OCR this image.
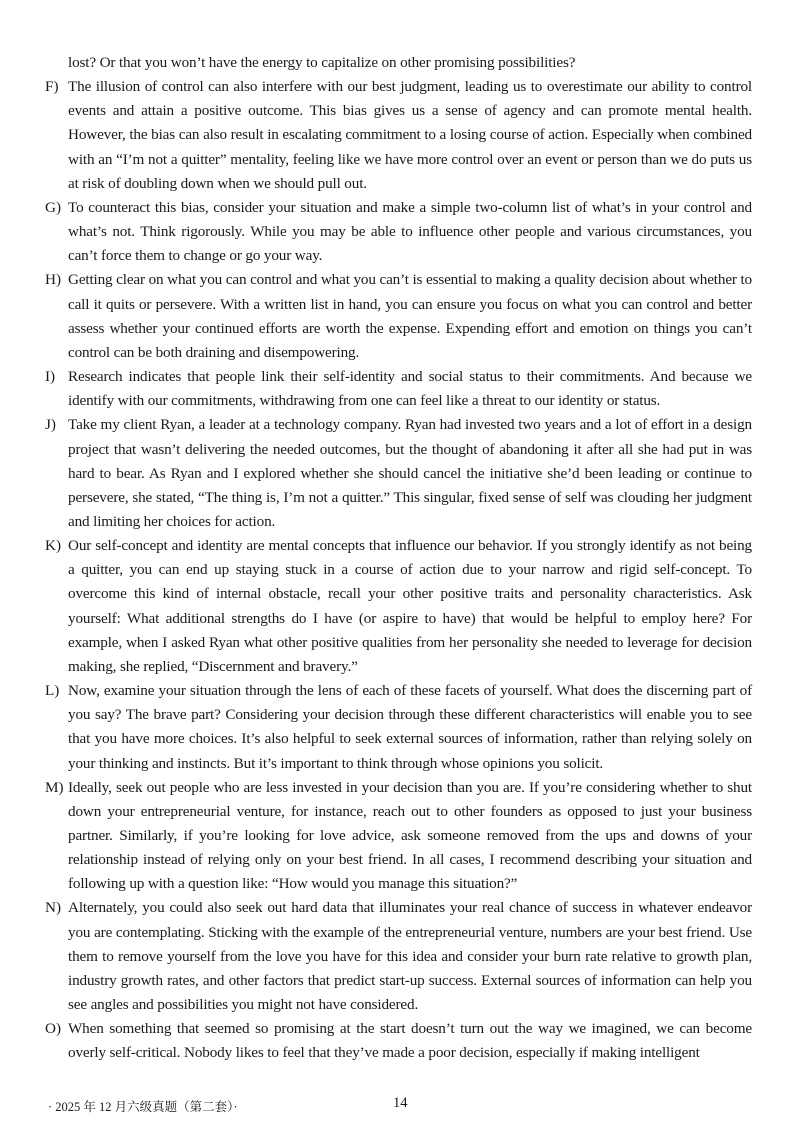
lost? Or that you won’t have the energy to capitalize on other promising possibilities?
F) The illusion of control can also interfere with our best judgment, leading us to overestimate our ability to control events and attain a positive outcome. This bias gives us a sense of agency and can promote mental health. However, the bias can also result in escalating commitment to a losing course of action. Especially when combined with an “I’m not a quitter” mentality, feeling like we have more control over an event or person than we do puts us at risk of doubling down when we should pull out.
G) To counteract this bias, consider your situation and make a simple two-column list of what’s in your control and what’s not. Think rigorously. While you may be able to influence other people and various circumstances, you can’t force them to change or go your way.
H) Getting clear on what you can control and what you can’t is essential to making a quality decision about whether to call it quits or persevere. With a written list in hand, you can ensure you focus on what you can control and better assess whether your continued efforts are worth the expense. Expending effort and emotion on things you can’t control can be both draining and disempowering.
I) Research indicates that people link their self-identity and social status to their commitments. And because we identify with our commitments, withdrawing from one can feel like a threat to our identity or status.
J) Take my client Ryan, a leader at a technology company. Ryan had invested two years and a lot of effort in a design project that wasn’t delivering the needed outcomes, but the thought of abandoning it after all she had put in was hard to bear. As Ryan and I explored whether she should cancel the initiative she’d been leading or continue to persevere, she stated, “The thing is, I’m not a quitter.” This singular, fixed sense of self was clouding her judgment and limiting her choices for action.
K) Our self-concept and identity are mental concepts that influence our behavior. If you strongly identify as not being a quitter, you can end up staying stuck in a course of action due to your narrow and rigid self-concept. To overcome this kind of internal obstacle, recall your other positive traits and personality characteristics. Ask yourself: What additional strengths do I have (or aspire to have) that would be helpful to employ here? For example, when I asked Ryan what other positive qualities from her personality she needed to leverage for decision making, she replied, “Discernment and bravery.”
L) Now, examine your situation through the lens of each of these facets of yourself. What does the discerning part of you say? The brave part? Considering your decision through these different characteristics will enable you to see that you have more choices. It’s also helpful to seek external sources of information, rather than relying solely on your thinking and instincts. But it’s important to think through whose opinions you solicit.
M) Ideally, seek out people who are less invested in your decision than you are. If you’re considering whether to shut down your entrepreneurial venture, for instance, reach out to other founders as opposed to just your business partner. Similarly, if you’re looking for love advice, ask someone removed from the ups and downs of your relationship instead of relying only on your best friend. In all cases, I recommend describing your situation and following up with a question like: “How would you manage this situation?”
N) Alternately, you could also seek out hard data that illuminates your real chance of success in whatever endeavor you are contemplating. Sticking with the example of the entrepreneurial venture, numbers are your best friend. Use them to remove yourself from the love you have for this idea and consider your burn rate relative to growth plan, industry growth rates, and other factors that predict start-up success. External sources of information can help you see angles and possibilities you might not have considered.
O) When something that seemed so promising at the start doesn’t turn out the way we imagined, we can become overly self-critical. Nobody likes to feel that they’ve made a poor decision, especially if making intelligent
· 2025 年 12 月六级真题（第二套）·	14
